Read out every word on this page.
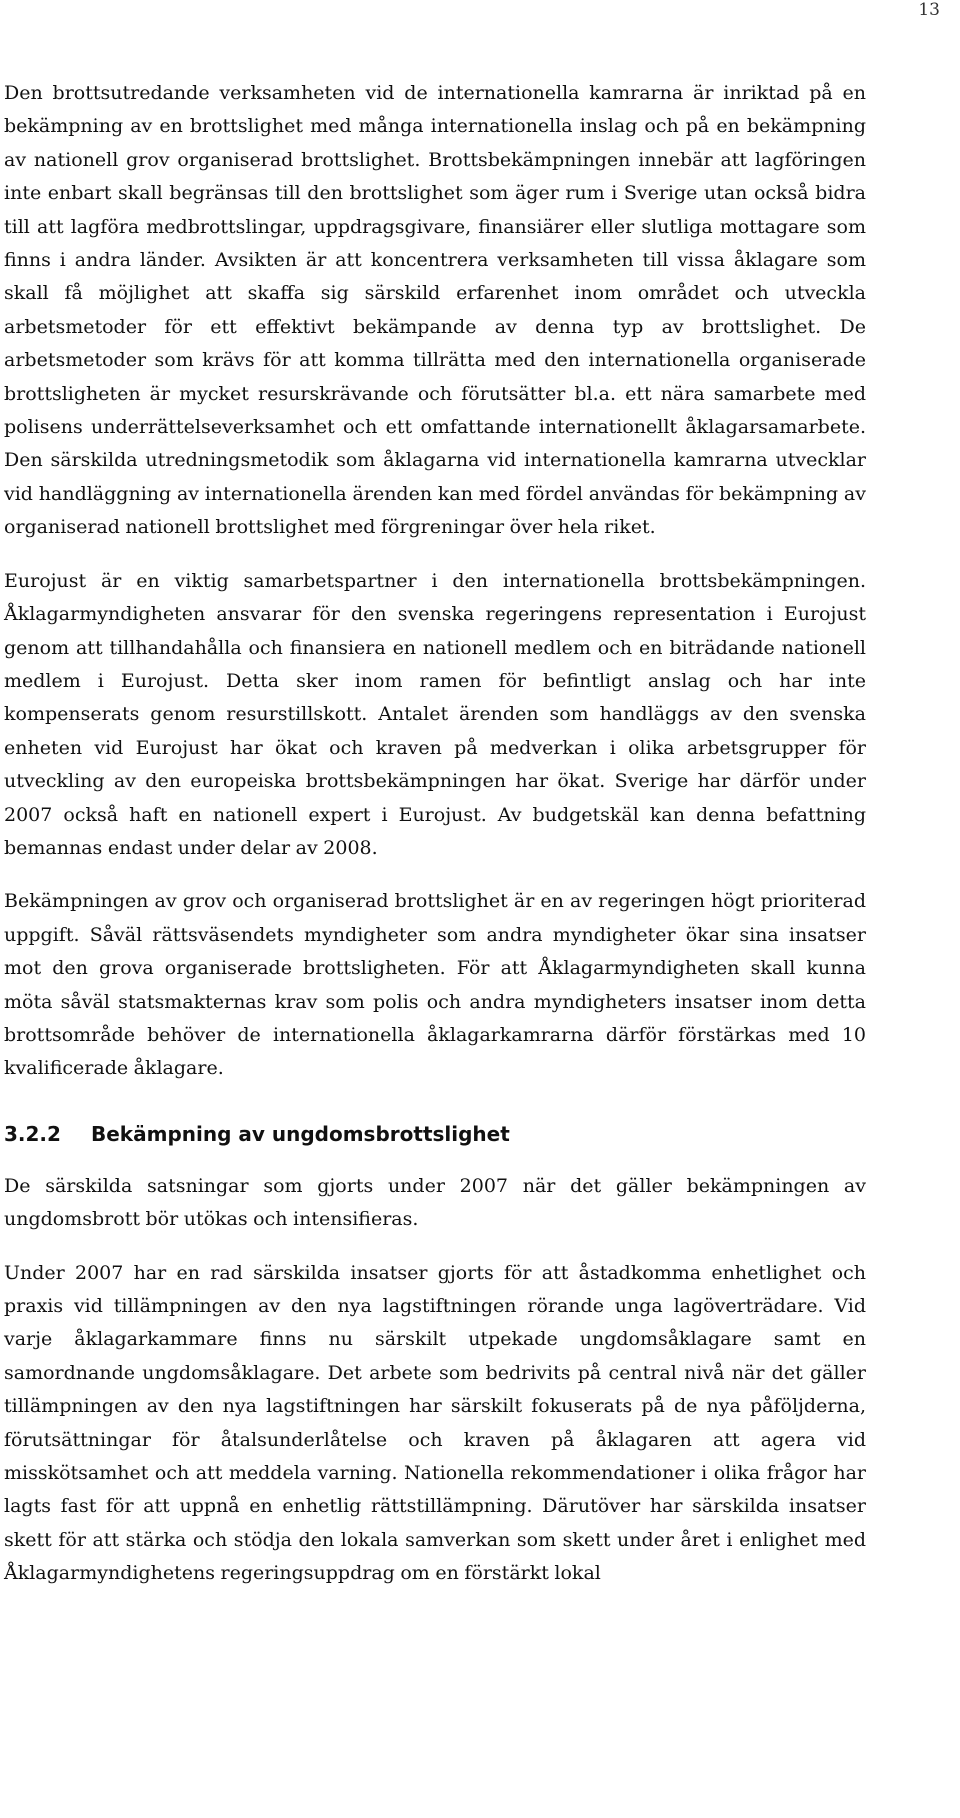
13

Den brottsutredande verksamheten vid de internationella kamrarna är inriktad på en bekämpning av en brottslighet med många internationella inslag och på en bekämpning av nationell grov organiserad brottslighet. Brottsbekämpningen innebär att lagföringen inte enbart skall begränsas till den brottslighet som äger rum i Sverige utan också bidra till att lagföra medbrottslingar, uppdragsgivare, finansiärer eller slutliga mottagare som finns i andra länder. Avsikten är att koncentrera verksamheten till vissa åklagare som skall få möjlighet att skaffa sig särskild erfarenhet inom området och utveckla arbetsmetoder för ett effektivt bekämpande av denna typ av brottslighet. De arbetsmetoder som krävs för att komma tillrätta med den internationella organiserade brottsligheten är mycket resurskrävande och förutsätter bl.a. ett nära samarbete med polisens underrättelseverksamhet och ett omfattande internationellt åklagarsamarbete. Den särskilda utredningsmetodik som åklagarna vid internationella kamrarna utvecklar vid handläggning av internationella ärenden kan med fördel användas för bekämpning av organiserad nationell brottslighet med förgreningar över hela riket.

Eurojust är en viktig samarbetspartner i den internationella brottsbekämpningen. Åklagarmyndigheten ansvarar för den svenska regeringens representation i Eurojust genom att tillhandahålla och finansiera en nationell medlem och en biträdande nationell medlem i Eurojust. Detta sker inom ramen för befintligt anslag och har inte kompenserats genom resurstillskott. Antalet ärenden som handläggs av den svenska enheten vid Eurojust har ökat och kraven på medverkan i olika arbetsgrupper för utveckling av den europeiska brottsbekämpningen har ökat. Sverige har därför under 2007 också haft en nationell expert i Eurojust. Av budgetskäl kan denna befattning bemannas endast under delar av 2008.

Bekämpningen av grov och organiserad brottslighet är en av regeringen högt prioriterad uppgift. Såväl rättsväsendets myndigheter som andra myndigheter ökar sina insatser mot den grova organiserade brottsligheten. För att Åklagarmyndigheten skall kunna möta såväl statsmakternas krav som polis och andra myndigheters insatser inom detta brottsområde behöver de internationella åklagarkamrarna därför förstärkas med 10 kvalificerade åklagare.

3.2.2 Bekämpning av ungdomsbrottslighet

De särskilda satsningar som gjorts under 2007 när det gäller bekämpningen av ungdomsbrott bör utökas och intensifieras.

Under 2007 har en rad särskilda insatser gjorts för att åstadkomma enhetlighet och praxis vid tillämpningen av den nya lagstiftningen rörande unga lagöverträdare. Vid varje åklagarkammare finns nu särskilt utpekade ungdomsåklagare samt en samordnande ungdomsåklagare. Det arbete som bedrivits på central nivå när det gäller tillämpningen av den nya lagstiftningen har särskilt fokuserats på de nya påföljderna, förutsättningar för åtalsunderlåtelse och kraven på åklagaren att agera vid misskötsamhet och att meddela varning. Nationella rekommendationer i olika frågor har lagts fast för att uppnå en enhetlig rättstillämpning. Därutöver har särskilda insatser skett för att stärka och stödja den lokala samverkan som skett under året i enlighet med Åklagarmyndighetens regeringsuppdrag om en förstärkt lokal
